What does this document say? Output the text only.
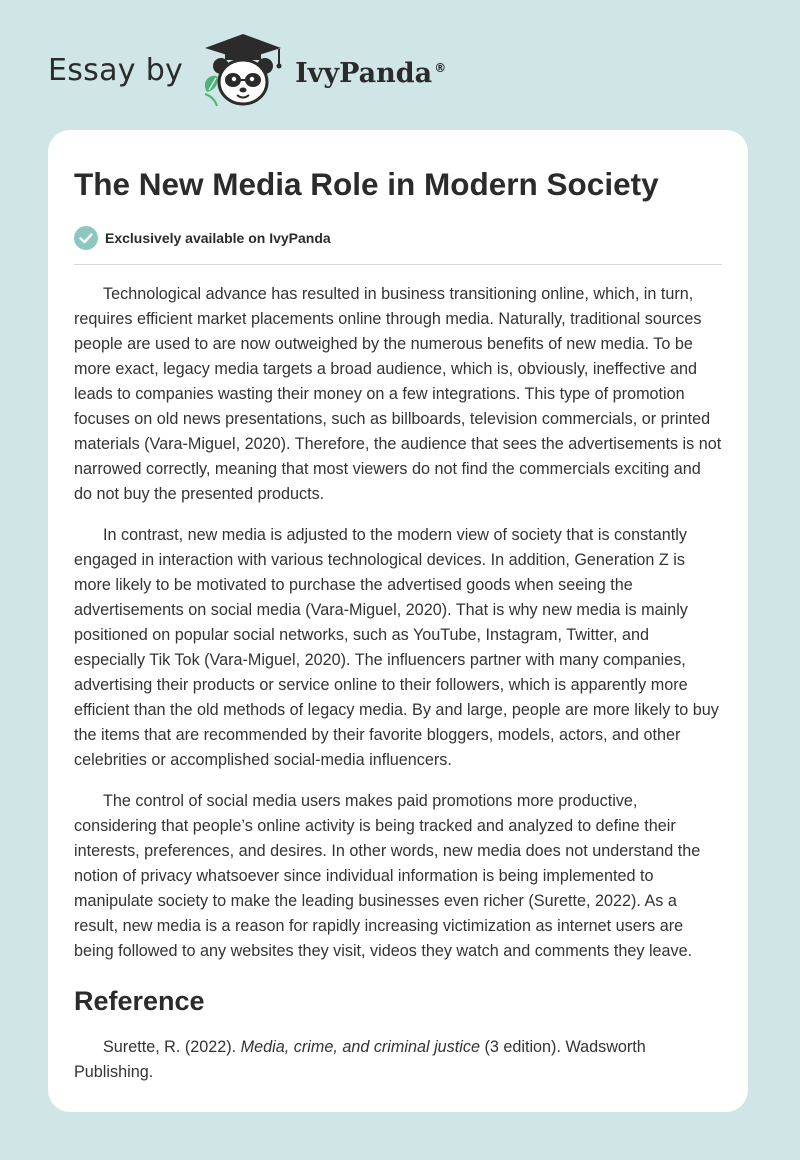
Essay by	IvyPanda ®
The New Media Role in Modern Society
Exclusively available on IvyPanda

Technological advance has resulted in business transitioning online, which, in turn, requires efficient market placements online through media. Naturally, traditional sources people are used to are now outweighed by the numerous benefits of new media. To be more exact, legacy media targets a broad audience, which is, obviously, ineffective and leads to companies wasting their money on a few integrations. This type of promotion focuses on old news presentations, such as billboards, television commercials, or printed materials (Vara-Miguel, 2020). Therefore, the audience that sees the advertisements is not narrowed correctly, meaning that most viewers do not find the commercials exciting and do not buy the presented products.

In contrast, new media is adjusted to the modern view of society that is constantly engaged in interaction with various technological devices. In addition, Generation Z is more likely to be motivated to purchase the advertised goods when seeing the advertisements on social media (Vara-Miguel, 2020). That is why new media is mainly positioned on popular social networks, such as YouTube, Instagram, Twitter, and especially Tik Tok (Vara-Miguel, 2020). The influencers partner with many companies, advertising their products or service online to their followers, which is apparently more efficient than the old methods of legacy media. By and large, people are more likely to buy the items that are recommended by their favorite bloggers, models, actors, and other celebrities or accomplished social-media influencers.

The control of social media users makes paid promotions more productive, considering that people’s online activity is being tracked and analyzed to define their interests, preferences, and desires. In other words, new media does not understand the notion of privacy whatsoever since individual information is being implemented to manipulate society to make the leading businesses even richer (Surette, 2022). As a result, new media is a reason for rapidly increasing victimization as internet users are being followed to any websites they visit, videos they watch and comments they leave.

Reference

Surette, R. (2022). Media, crime, and criminal justice (3 edition). Wadsworth Publishing.
